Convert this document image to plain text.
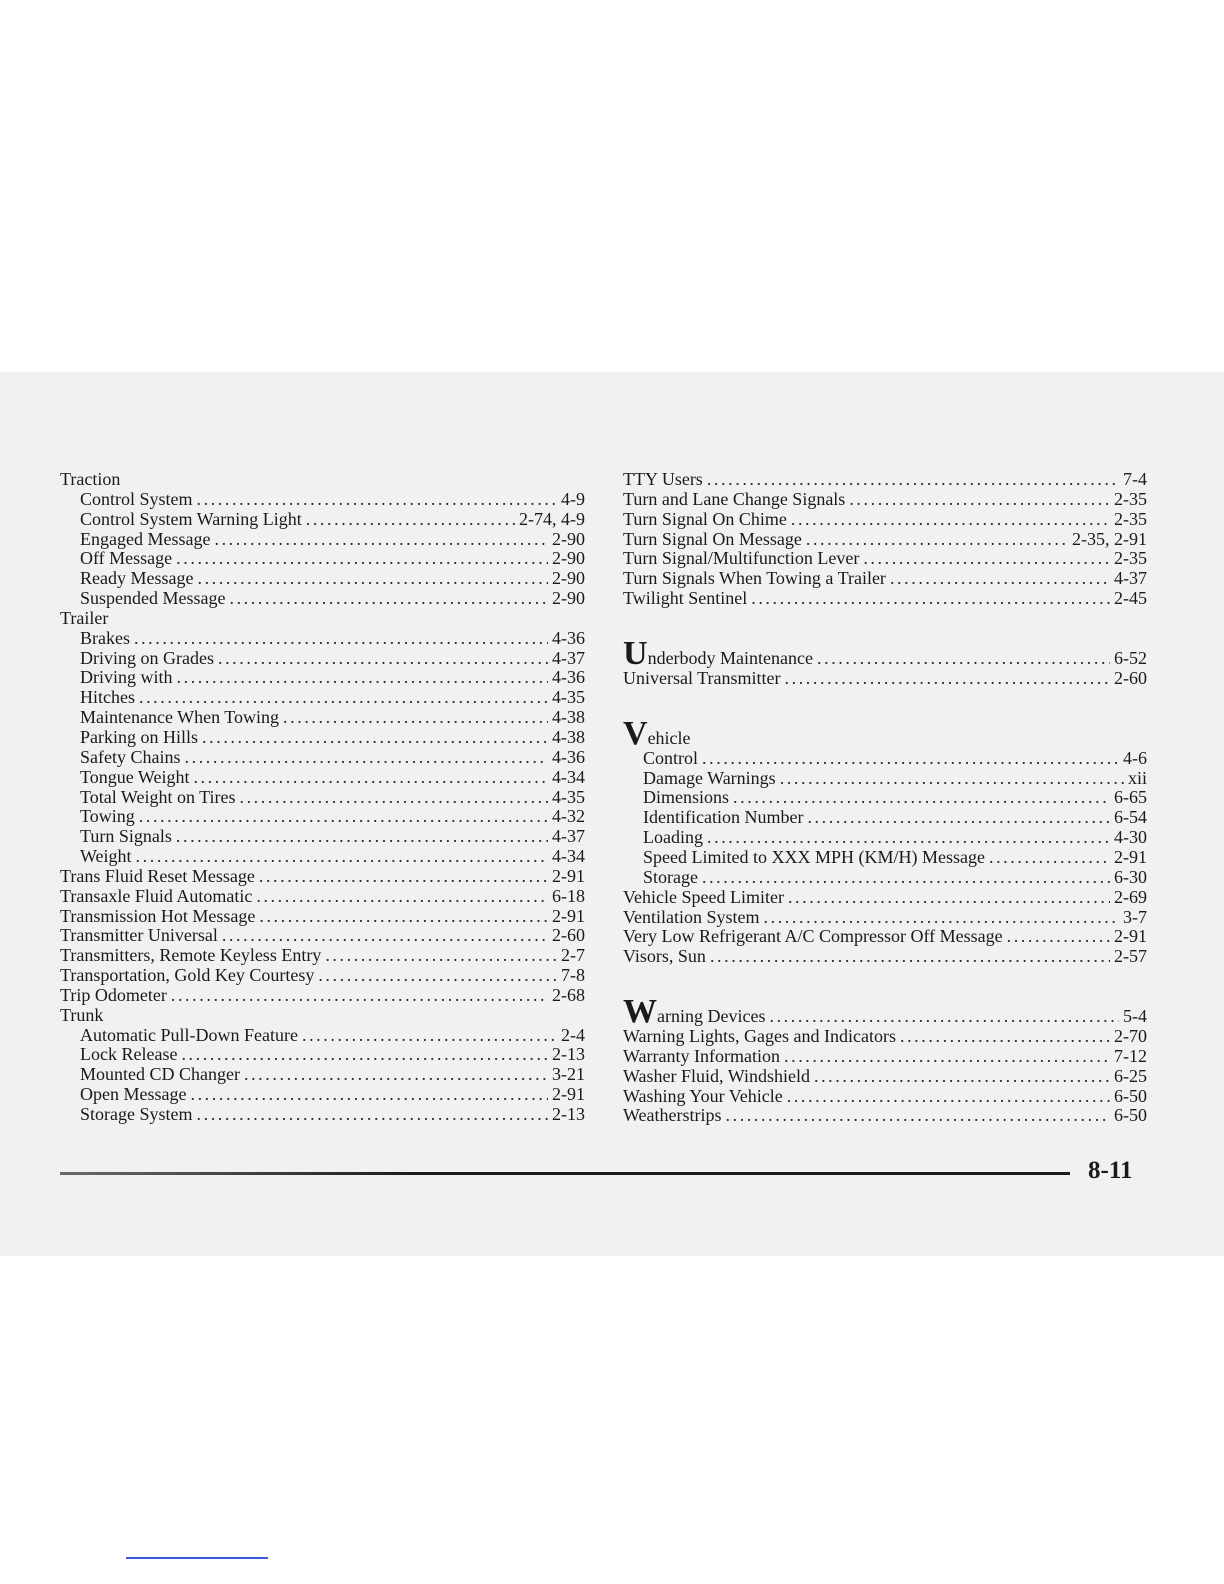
Traction
Control System .....	4-9
Control System Warning Light .....	2-74, 4-9
Engaged Message .....	2-90
Off Message .....	2-90
Ready Message .....	2-90
Suspended Message .....	2-90
Trailer
Brakes .....	4-36
Driving on Grades .....	4-37
Driving with .....	4-36
Hitches .....	4-35
Maintenance When Towing .....	4-38
Parking on Hills .....	4-38
Safety Chains .....	4-36
Tongue Weight .....	4-34
Total Weight on Tires .....	4-35
Towing .....	4-32
Turn Signals .....	4-37
Weight .....	4-34
Trans Fluid Reset Message .....	2-91
Transaxle Fluid Automatic .....	6-18
Transmission Hot Message .....	2-91
Transmitter Universal .....	2-60
Transmitters, Remote Keyless Entry .....	2-7
Transportation, Gold Key Courtesy .....	7-8
Trip Odometer .....	2-68
Trunk
Automatic Pull-Down Feature .....	2-4
Lock Release .....	2-13
Mounted CD Changer .....	3-21
Open Message .....	2-91
Storage System .....	2-13
TTY Users .....	7-4
Turn and Lane Change Signals .....	2-35
Turn Signal On Chime .....	2-35
Turn Signal On Message .....	2-35, 2-91
Turn Signal/Multifunction Lever .....	2-35
Turn Signals When Towing a Trailer .....	4-37
Twilight Sentinel .....	2-45
Underbody Maintenance .....	6-52
Universal Transmitter .....	2-60
V ehicle
Control .....	4-6
Damage Warnings .....	xii
Dimensions .....	6-65
Identification Number .....	6-54
Loading .....	4-30
Speed Limited to XXX MPH (KM/H) Message .....	2-91
Storage .....	6-30
Vehicle Speed Limiter .....	2-69
Ventilation System .....	3-7
Very Low Refrigerant A/C Compressor Off Message .....	2-91
Visors, Sun .....	2-57
Warning Devices .....	5-4
Warning Lights, Gages and Indicators .....	2-70
Warranty Information .....	7-12
Washer Fluid, Windshield .....	6-25
Washing Your Vehicle .....	6-50
Weatherstrips .....	6-50
8-11
